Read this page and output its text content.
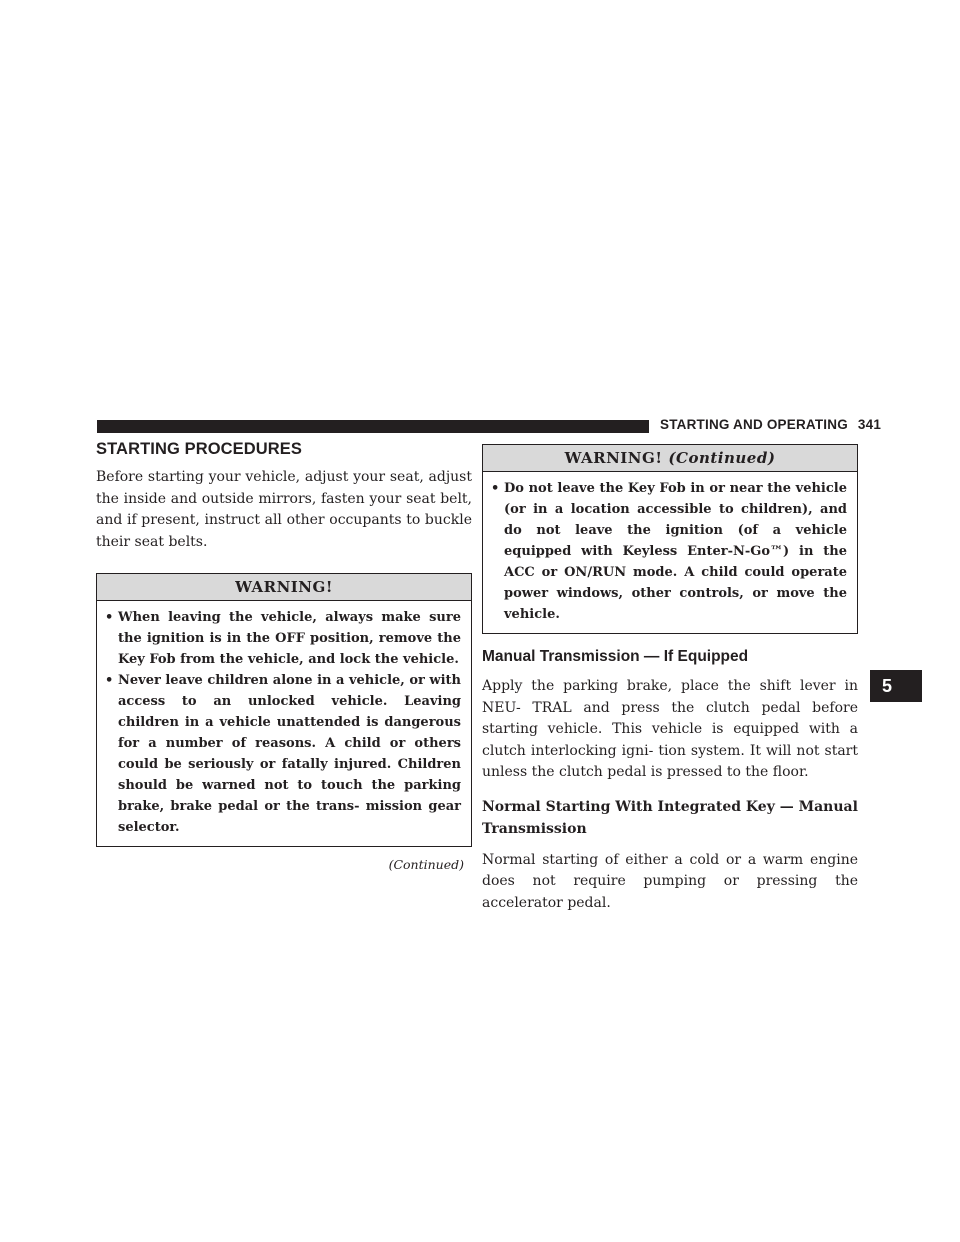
STARTING AND OPERATING 341
5
STARTING PROCEDURES

Before starting your vehicle, adjust your seat, adjust the inside and outside mirrors, fasten your seat belt, and if present, instruct all other occupants to buckle their seat belts.

WARNING!
• When leaving the vehicle, always make sure the ignition is in the OFF position, remove the Key Fob from the vehicle, and lock the vehicle.
• Never leave children alone in a vehicle, or with access to an unlocked vehicle. Leaving children in a vehicle unattended is dangerous for a number of reasons. A child or others could be seriously or fatally injured. Children should be warned not to touch the parking brake, brake pedal or the trans- mission gear selector.
(Continued)
WARNING! (Continued)
• Do not leave the Key Fob in or near the vehicle (or in a location accessible to children), and do not leave the ignition (of a vehicle equipped with Keyless Enter-N-Go™) in the ACC or ON/RUN mode. A child could operate power windows, other controls, or move the vehicle.
Manual Transmission — If Equipped

Apply the parking brake, place the shift lever in NEU- TRAL and press the clutch pedal before starting vehicle. This vehicle is equipped with a clutch interlocking igni- tion system. It will not start unless the clutch pedal is pressed to the floor.

Normal Starting With Integrated Key — Manual Transmission

Normal starting of either a cold or a warm engine does not require pumping or pressing the accelerator pedal.
